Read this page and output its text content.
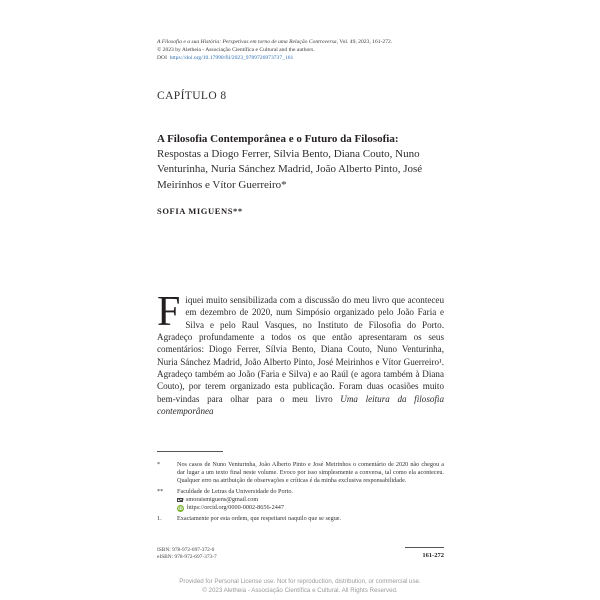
A Filosofia e a sua História: Perspetivas em torno de uma Relação Controversa, Vol. 49, 2023, 161-272.
© 2023 by Aletheia - Associação Científica e Cultural and the authors.
DOI https://doi.org/10.17990/fil/2023_9789726973737_161
CAPÍTULO 8
A Filosofia Contemporânea e o Futuro da Filosofia:
Respostas a Diogo Ferrer, Sílvia Bento, Diana Couto, Nuno Venturinha, Nuria Sánchez Madrid, João Alberto Pinto, José Meirinhos e Vítor Guerreiro*
SOFIA MIGUENS**
Fiquei muito sensibilizada com a discussão do meu livro que aconteceu em dezembro de 2020, num Simpósio organizado pelo João Faria e Silva e pelo Raul Vasques, no Instituto de Filosofia do Porto. Agradeço profundamente a todos os que então apresentaram os seus comentários: Diogo Ferrer, Sílvia Bento, Diana Couto, Nuno Venturinha, Nuria Sánchez Madrid, João Alberto Pinto, José Meirinhos e Vítor Guerreiro¹. Agradeço também ao João (Faria e Silva) e ao Raúl (e agora também à Diana Couto), por terem organizado esta publicação. Foram duas ocasiões muito bem-vindas para olhar para o meu livro Uma leitura da filosofia contemporânea
*	Nos casos de Nuno Venturinha, João Alberto Pinto e José Meirinhos o comentário de 2020 não chegou a dar lugar a um texto final neste volume. Evoco por isso simplesmente a conversa, tal como ela aconteceu. Qualquer erro na atribuição de observações e críticas é da minha exclusiva responsabilidade.
**	Faculdade de Letras da Universidade do Porto.
smoraismiguens@gmail.com
iD https://orcid.org/0000-0002-8656-2447
1.	Exactamente por esta ordem, que respeitarei naquilo que se segue.
ISBN: 978-972-697-372-0
eISBN: 978-972-697-373-7	161-272
Provided for Personal License use. Not for reproduction, distribution, or commercial use.
© 2023 Aletheia - Associação Científica e Cultural. All Rights Reserved.
